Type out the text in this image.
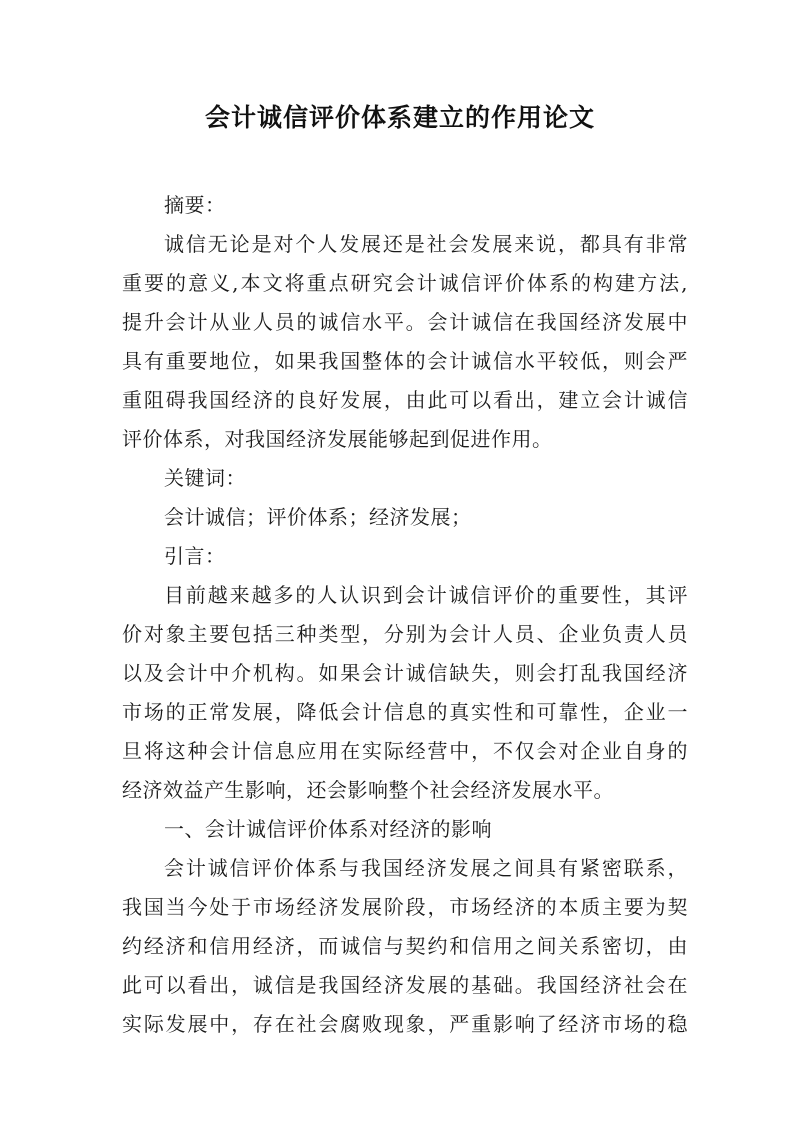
会计诚信评价体系建立的作用论文
摘要：
诚信无论是对个人发展还是社会发展来说，都具有非常
重要的意义,本文将重点研究会计诚信评价体系的构建方法,
提升会计从业人员的诚信水平。会计诚信在我国经济发展中
具有重要地位，如果我国整体的会计诚信水平较低，则会严
重阻碍我国经济的良好发展，由此可以看出，建立会计诚信
评价体系，对我国经济发展能够起到促进作用。
关键词：
会计诚信；评价体系；经济发展；
引言：
目前越来越多的人认识到会计诚信评价的重要性，其评
价对象主要包括三种类型，分别为会计人员、企业负责人员
以及会计中介机构。如果会计诚信缺失，则会打乱我国经济
市场的正常发展，降低会计信息的真实性和可靠性，企业一
旦将这种会计信息应用在实际经营中，不仅会对企业自身的
经济效益产生影响，还会影响整个社会经济发展水平。
一、会计诚信评价体系对经济的影响
会计诚信评价体系与我国经济发展之间具有紧密联系，
我国当今处于市场经济发展阶段，市场经济的本质主要为契
约经济和信用经济，而诚信与契约和信用之间关系密切，由
此可以看出，诚信是我国经济发展的基础。我国经济社会在
实际发展中，存在社会腐败现象，严重影响了经济市场的稳
